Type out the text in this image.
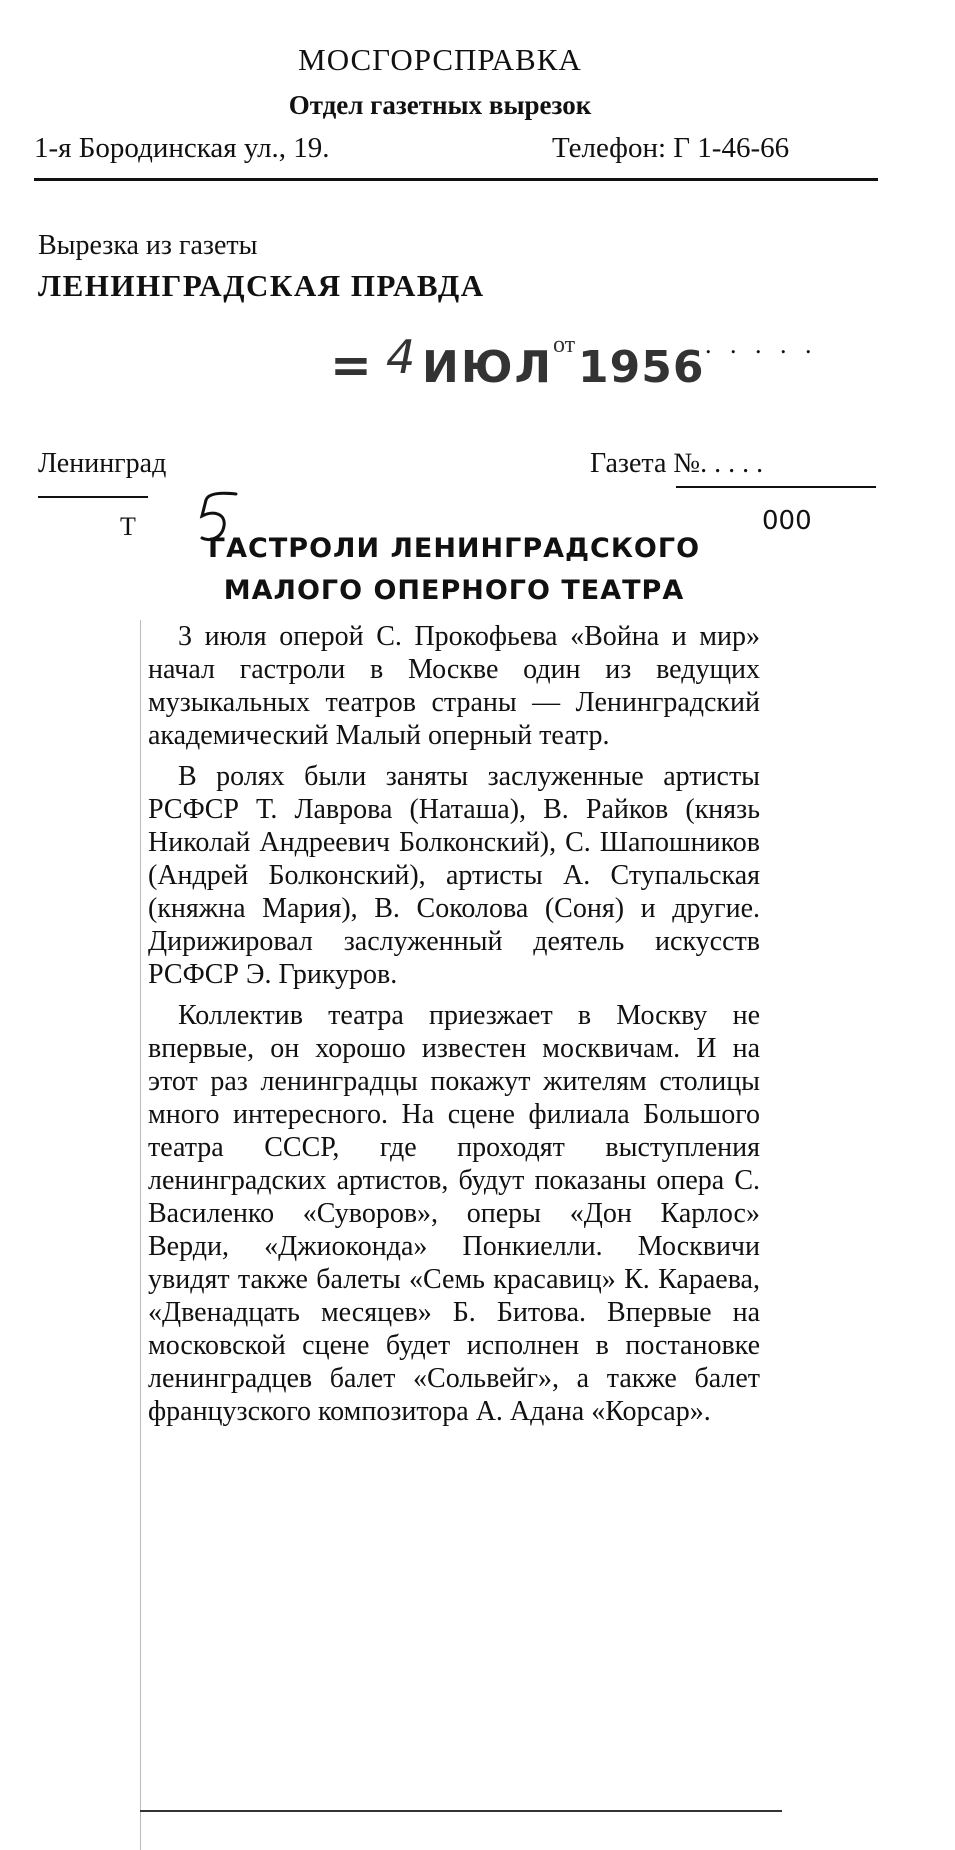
МОСГОРСПРАВКА
Отдел газетных вырезок
1-я Бородинская ул., 19.	Телефон: Г 1-46-66
Вырезка из газеты
ЛЕНИНГРАДСКАЯ ПРАВДА
= 4 ИЮЛ от 1956 . . . . .
Ленинград	Газета №. . . . .
Т	000
ГАСТРОЛИ ЛЕНИНГРАДСКОГО
МАЛОГО ОПЕРНОГО ТЕАТРА

3 июля оперой С. Прокофьева «Война и мир» начал гастроли в Москве один из ведущих музыкальных театров страны — Ленинградский академический Малый оперный театр.

В ролях были заняты заслуженные артисты РСФСР Т. Лаврова (Наташа), В. Райков (князь Николай Андреевич Болконский), С. Шапошников (Андрей Болконский), артисты А. Ступальская (княжна Мария), В. Соколова (Соня) и другие. Дирижировал заслуженный деятель искусств РСФСР Э. Грикуров.

Коллектив театра приезжает в Москву не впервые, он хорошо известен москвичам. И на этот раз ленинградцы покажут жителям столицы много интересного. На сцене филиала Большого театра СССР, где проходят выступления ленинградских артистов, будут показаны опера С. Василенко «Суворов», оперы «Дон Карлос» Верди, «Джиоконда» Понкиелли. Москвичи увидят также балеты «Семь красавиц» К. Караева, «Двенадцать месяцев» Б. Битова. Впервые на московской сцене будет исполнен в постановке ленинградцев балет «Сольвейг», а также балет французского композитора А. Адана «Корсар».
